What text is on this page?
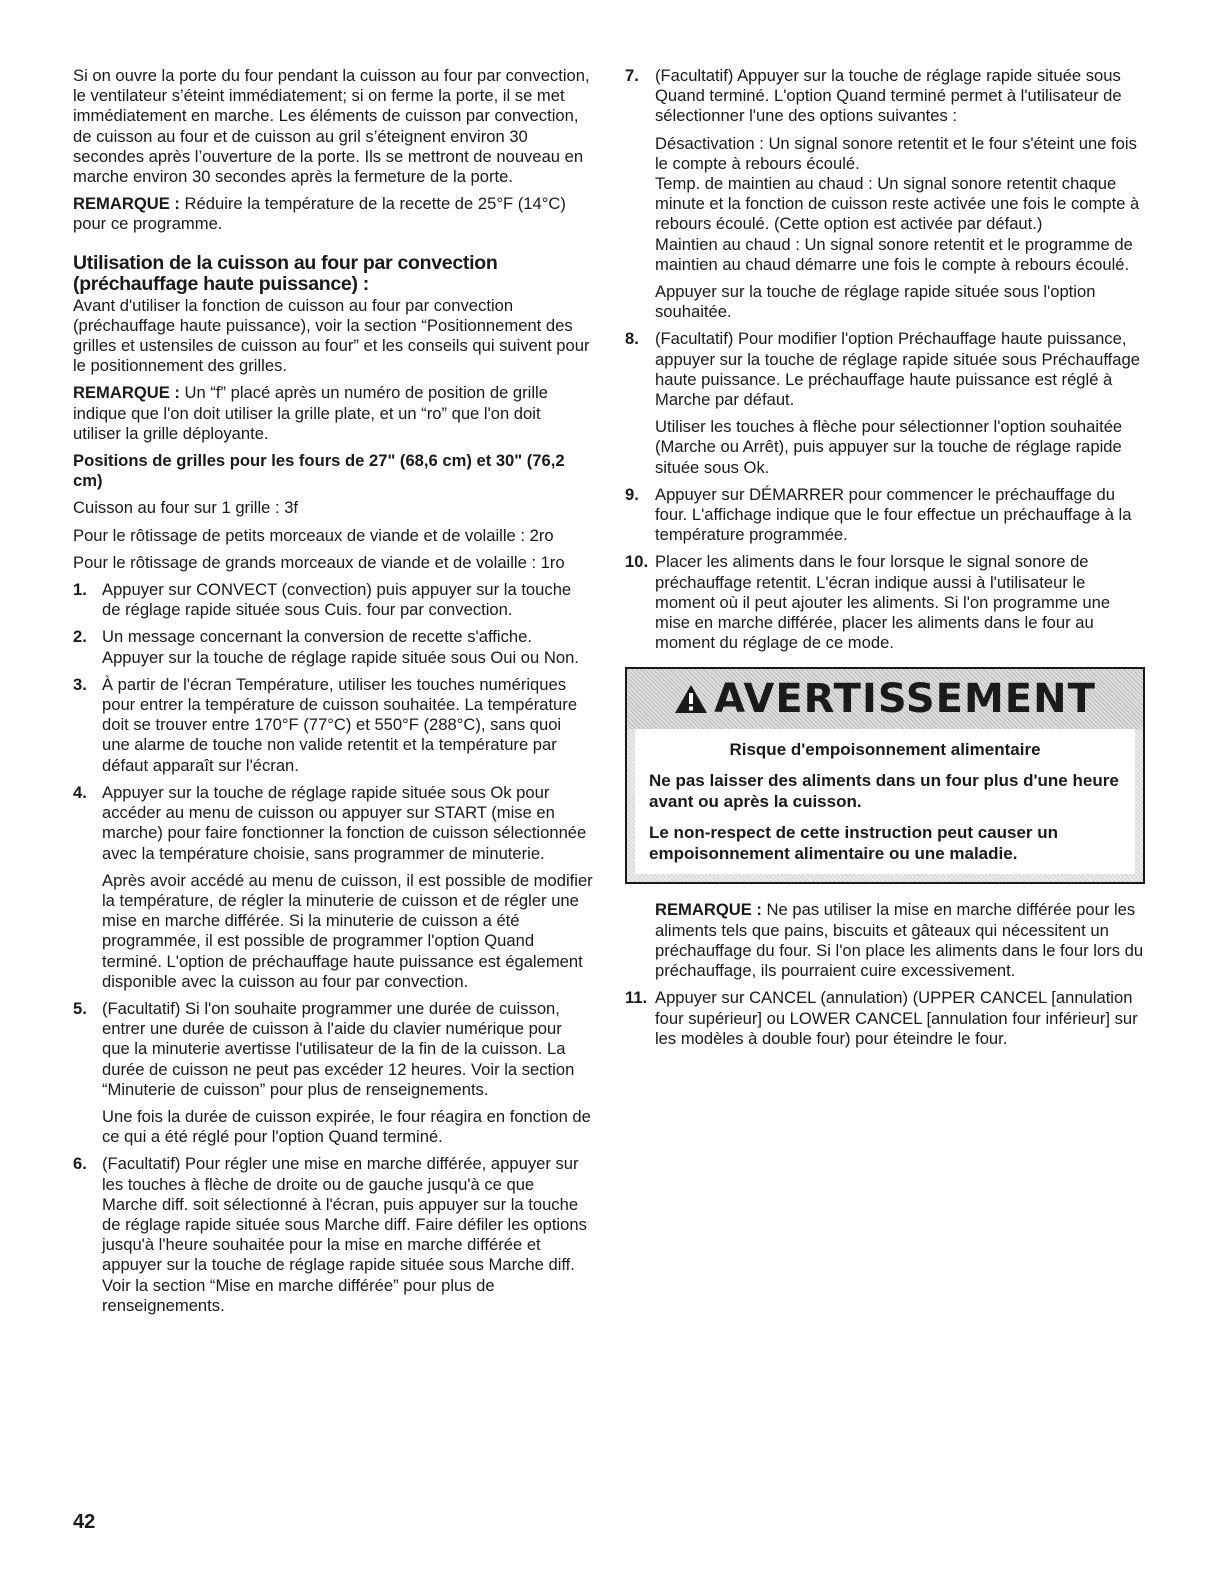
Si on ouvre la porte du four pendant la cuisson au four par convection, le ventilateur s’éteint immédiatement; si on ferme la porte, il se met immédiatement en marche. Les éléments de cuisson par convection, de cuisson au four et de cuisson au gril s’éteignent environ 30 secondes après l’ouverture de la porte. Ils se mettront de nouveau en marche environ 30 secondes après la fermeture de la porte.

REMARQUE : Réduire la température de la recette de 25°F (14°C) pour ce programme.

Utilisation de la cuisson au four par convection (préchauffage haute puissance) :

Avant d'utiliser la fonction de cuisson au four par convection (préchauffage haute puissance), voir la section “Positionnement des grilles et ustensiles de cuisson au four” et les conseils qui suivent pour le positionnement des grilles.

REMARQUE : Un “f” placé après un numéro de position de grille indique que l'on doit utiliser la grille plate, et un “ro” que l'on doit utiliser la grille déployante.

Positions de grilles pour les fours de 27" (68,6 cm) et 30" (76,2 cm)

Cuisson au four sur 1 grille : 3f

Pour le rôtissage de petits morceaux de viande et de volaille : 2ro

Pour le rôtissage de grands morceaux de viande et de volaille : 1ro

1. Appuyer sur CONVECT (convection) puis appuyer sur la touche de réglage rapide située sous Cuis. four par convection.

2. Un message concernant la conversion de recette s'affiche. Appuyer sur la touche de réglage rapide située sous Oui ou Non.

3. À partir de l'écran Température, utiliser les touches numériques pour entrer la température de cuisson souhaitée. La température doit se trouver entre 170°F (77°C) et 550°F (288°C), sans quoi une alarme de touche non valide retentit et la température par défaut apparaît sur l'écran.

4. Appuyer sur la touche de réglage rapide située sous Ok pour accéder au menu de cuisson ou appuyer sur START (mise en marche) pour faire fonctionner la fonction de cuisson sélectionnée avec la température choisie, sans programmer de minuterie.

Après avoir accédé au menu de cuisson, il est possible de modifier la température, de régler la minuterie de cuisson et de régler une mise en marche différée. Si la minuterie de cuisson a été programmée, il est possible de programmer l'option Quand terminé. L'option de préchauffage haute puissance est également disponible avec la cuisson au four par convection.

5. (Facultatif) Si l'on souhaite programmer une durée de cuisson, entrer une durée de cuisson à l'aide du clavier numérique pour que la minuterie avertisse l'utilisateur de la fin de la cuisson. La durée de cuisson ne peut pas excéder 12 heures. Voir la section “Minuterie de cuisson” pour plus de renseignements.

Une fois la durée de cuisson expirée, le four réagira en fonction de ce qui a été réglé pour l'option Quand terminé.

6. (Facultatif) Pour régler une mise en marche différée, appuyer sur les touches à flèche de droite ou de gauche jusqu'à ce que Marche diff. soit sélectionné à l'écran, puis appuyer sur la touche de réglage rapide située sous Marche diff. Faire défiler les options jusqu'à l'heure souhaitée pour la mise en marche différée et appuyer sur la touche de réglage rapide située sous Marche diff. Voir la section “Mise en marche différée” pour plus de renseignements.

7. (Facultatif) Appuyer sur la touche de réglage rapide située sous Quand terminé. L'option Quand terminé permet à l'utilisateur de sélectionner l'une des options suivantes :

Désactivation : Un signal sonore retentit et le four s'éteint une fois le compte à rebours écoulé.

Temp. de maintien au chaud : Un signal sonore retentit chaque minute et la fonction de cuisson reste activée une fois le compte à rebours écoulé. (Cette option est activée par défaut.)

Maintien au chaud : Un signal sonore retentit et le programme de maintien au chaud démarre une fois le compte à rebours écoulé.

Appuyer sur la touche de réglage rapide située sous l'option souhaitée.

8. (Facultatif) Pour modifier l'option Préchauffage haute puissance, appuyer sur la touche de réglage rapide située sous Préchauffage haute puissance. Le préchauffage haute puissance est réglé à Marche par défaut.

Utiliser les touches à flèche pour sélectionner l'option souhaitée (Marche ou Arrêt), puis appuyer sur la touche de réglage rapide située sous Ok.

9. Appuyer sur DÉMARRER pour commencer le préchauffage du four. L'affichage indique que le four effectue un préchauffage à la température programmée.

10. Placer les aliments dans le four lorsque le signal sonore de préchauffage retentit. L'écran indique aussi à l'utilisateur le moment où il peut ajouter les aliments. Si l'on programme une mise en marche différée, placer les aliments dans le four au moment du réglage de ce mode.

AVERTISSEMENT

Risque d'empoisonnement alimentaire

Ne pas laisser des aliments dans un four plus d'une heure avant ou après la cuisson.

Le non-respect de cette instruction peut causer un empoisonnement alimentaire ou une maladie.

REMARQUE : Ne pas utiliser la mise en marche différée pour les aliments tels que pains, biscuits et gâteaux qui nécessitent un préchauffage du four. Si l'on place les aliments dans le four lors du préchauffage, ils pourraient cuire excessivement.

11. Appuyer sur CANCEL (annulation) (UPPER CANCEL [annulation four supérieur] ou LOWER CANCEL [annulation four inférieur] sur les modèles à double four) pour éteindre le four.

42
